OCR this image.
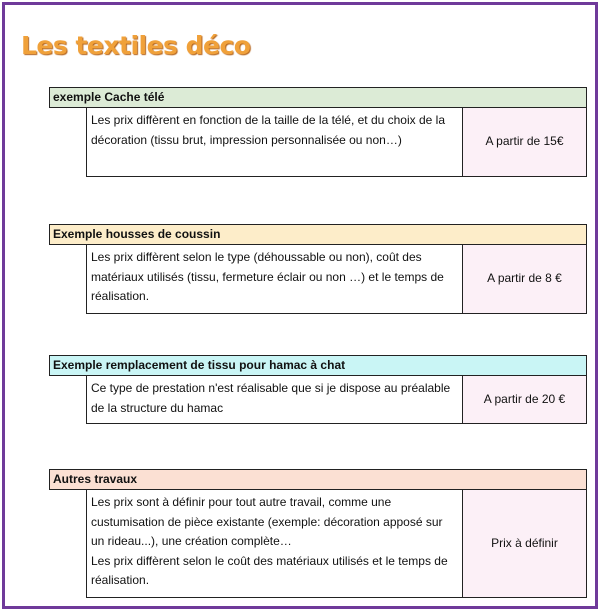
Les textiles déco
exemple Cache télé

Les prix diffèrent en fonction de la taille de la télé, et du choix de la décoration (tissu brut, impression personnalisée ou non…)	A partir de 15€
Exemple housses de coussin

Les prix diffèrent selon le type (déhoussable ou non), coût des matériaux utilisés (tissu, fermeture éclair ou non …) et le temps de réalisation.

A partir de 8 €
Exemple remplacement de tissu pour hamac à chat

Ce type de prestation n'est réalisable que si je dispose au préalable de la structure du hamac

A partir de 20 €
Autres travaux

Les prix sont à définir pour tout autre travail, comme une custumisation de pièce existante (exemple: décoration apposé sur un rideau...), une création complète…

Les prix diffèrent selon le coût des matériaux utilisés et le temps de réalisation.

Prix à définir
